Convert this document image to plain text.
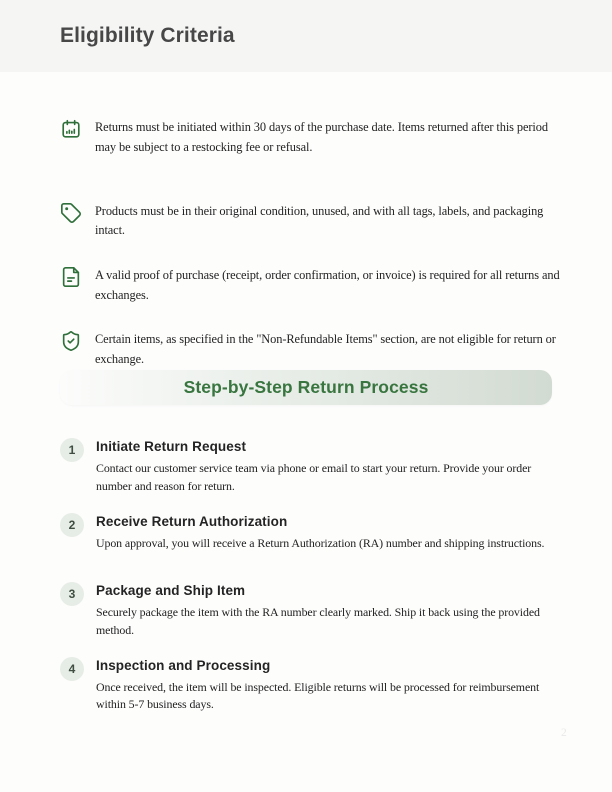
Eligibility Criteria
Returns must be initiated within 30 days of the purchase date. Items returned after this period may be subject to a restocking fee or refusal.
Products must be in their original condition, unused, and with all tags, labels, and packaging intact.
A valid proof of purchase (receipt, order confirmation, or invoice) is required for all returns and exchanges.
Certain items, as specified in the "Non-Refundable Items" section, are not eligible for return or exchange.
Step-by-Step Return Process
1	Initiate Return Request
Contact our customer service team via phone or email to start your return. Provide your order number and reason for return.
2	Receive Return Authorization
Upon approval, you will receive a Return Authorization (RA) number and shipping instructions.
3	Package and Ship Item
Securely package the item with the RA number clearly marked. Ship it back using the provided method.
4	Inspection and Processing
Once received, the item will be inspected. Eligible returns will be processed for reimbursement within 5-7 business days.
2
